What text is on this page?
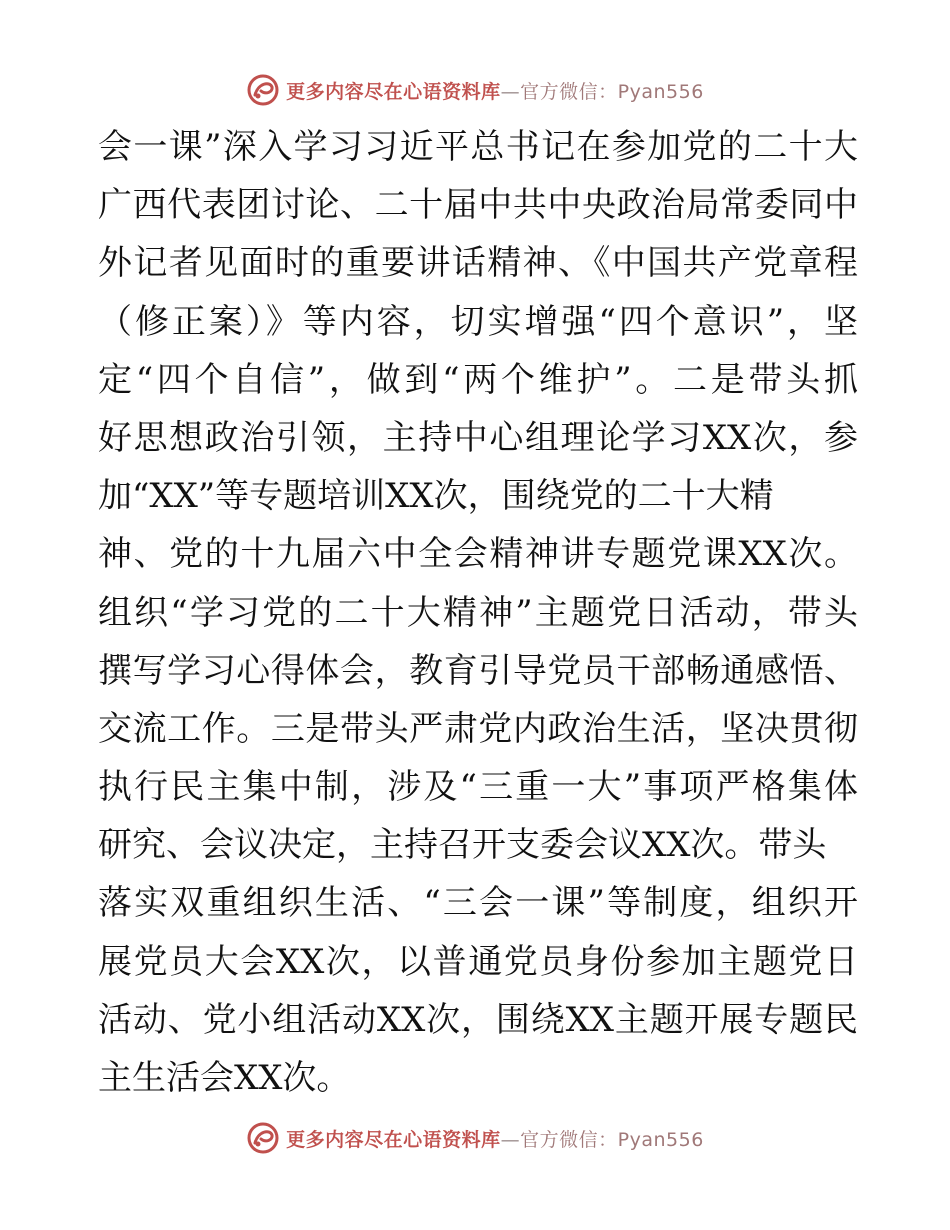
更多内容尽在心语资料库—官方微信：Pyan556
会一课”深入学习习近平总书记在参加党的二十大
广西代表团讨论、二十届中共中央政治局常委同中
外记者见面时的重要讲话精神、《中国共产党章程
（修正案）》等内容，切实增强“四个意识”，坚
定“四个自信”，做到“两个维护”。二是带头抓
好思想政治引领，主持中心组理论学习XX次，参
加“XX”等专题培训XX次，围绕党的二十大精
神、党的十九届六中全会精神讲专题党课XX次。
组织“学习党的二十大精神”主题党日活动，带头
撰写学习心得体会，教育引导党员干部畅通感悟、
交流工作。三是带头严肃党内政治生活，坚决贯彻
执行民主集中制，涉及“三重一大”事项严格集体
研究、会议决定，主持召开支委会议XX次。带头
落实双重组织生活、“三会一课”等制度，组织开
展党员大会XX次，以普通党员身份参加主题党日
活动、党小组活动XX次，围绕XX主题开展专题民
主生活会XX次。
更多内容尽在心语资料库—官方微信：Pyan556
